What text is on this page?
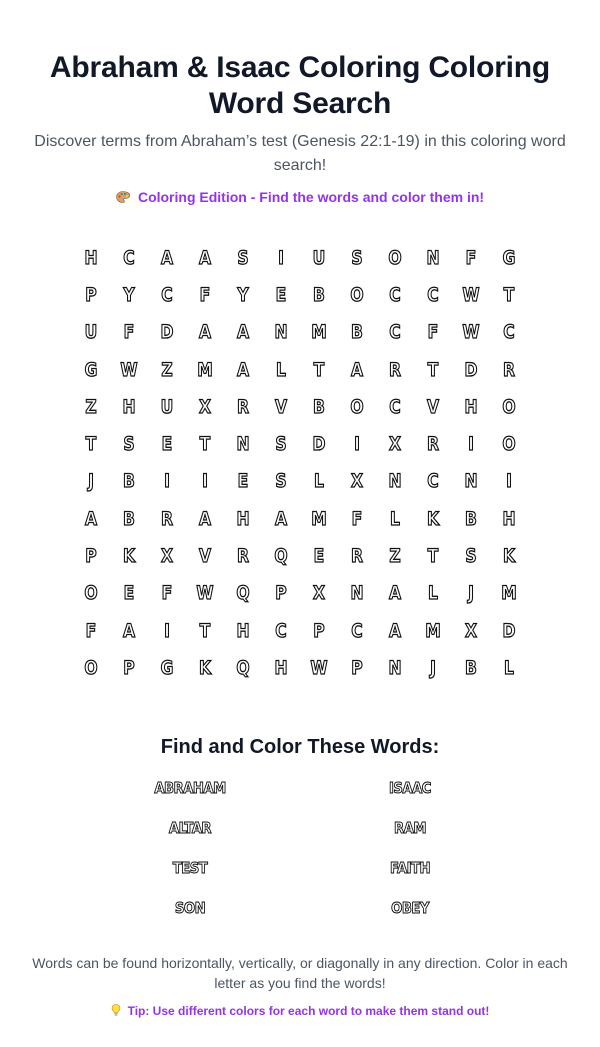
Abraham & Isaac Coloring Coloring Word Search

Discover terms from Abraham’s test (Genesis 22:1-19) in this coloring word search!

Coloring Edition - Find the words and color them in!
H	C	A	A	S	I	U	S	O	N	F	G
P	Y	C	F	Y	E	B	O	C	C	W	T
U	F	D	A	A	N	M	B	C	F	W	C
G	W	Z	M	A	L	T	A	R	T	D	R
Z	H	U	X	R	V	B	O	C	V	H	O
T	S	E	T	N	S	D	I	X	R	I	O
J	B	I	I	E	S	L	X	N	C	N	I
A	B	R	A	H	A	M	F	L	K	B	H
P	K	X	V	R	Q	E	R	Z	T	S	K
O	E	F	W	Q	P	X	N	A	L	J	M
F	A	I	T	H	C	P	C	A	M	X	D
O	P	G	K	Q	H	W	P	N	J	B	L
Find and Color These Words:
ABRAHAM	ISAAC
ALTAR	RAM
TEST	FAITH
SON	OBEY

Words can be found horizontally, vertically, or diagonally in any direction. Color in each letter as you find the words!

Tip: Use different colors for each word to make them stand out!
